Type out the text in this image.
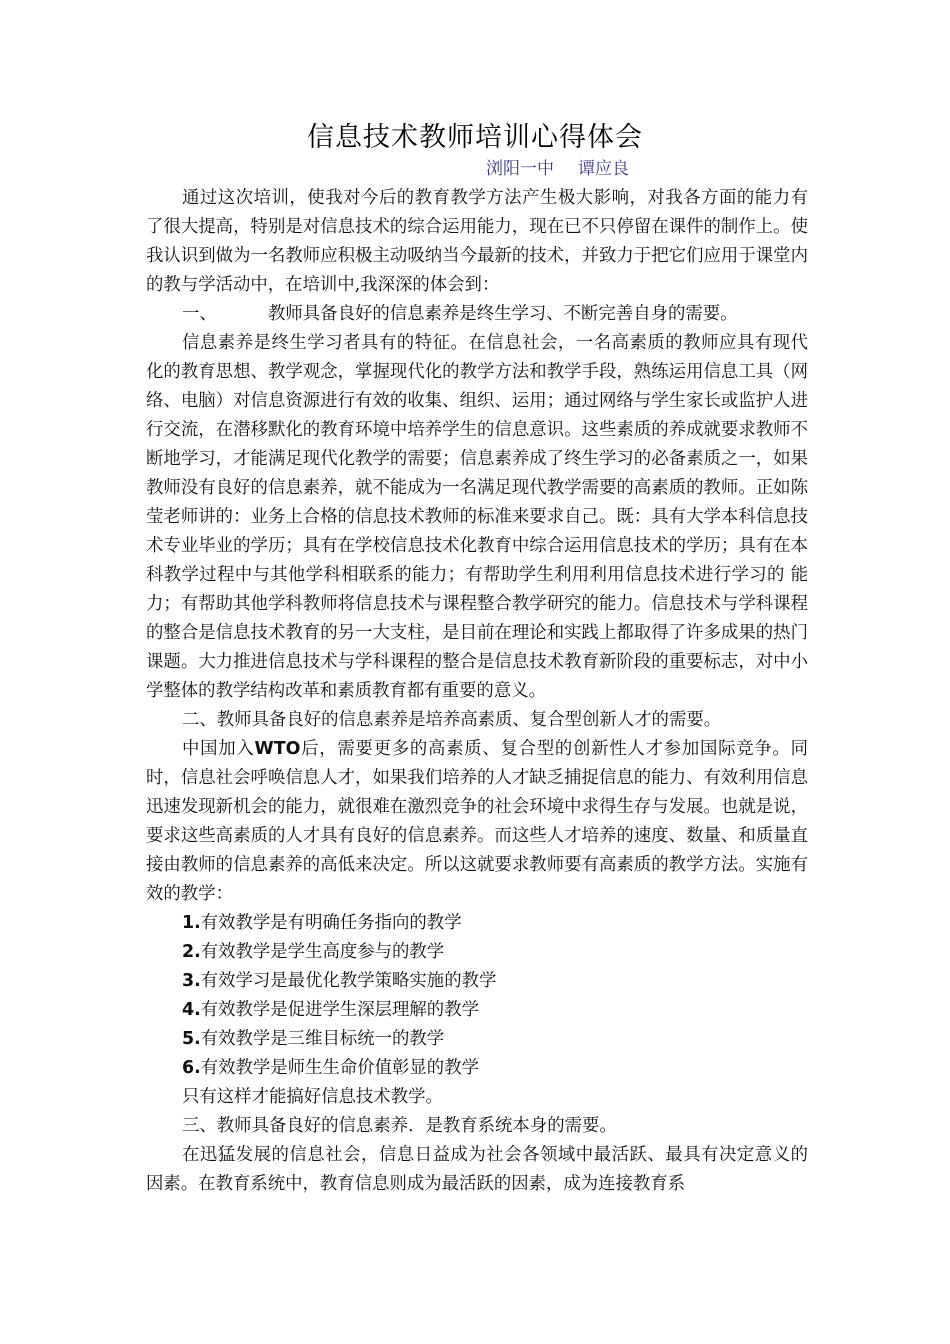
信息技术教师培训心得体会
浏阳一中 谭应良

通过这次培训，使我对今后的教育教学方法产生极大影响，对我各方面的能力有了很大提高，特别是对信息技术的综合运用能力，现在已不只停留在课件的制作上。使我认识到做为一名教师应积极主动吸纳当今最新的技术，并致力于把它们应用于课堂内的教与学活动中，在培训中,我深深的体会到：

一、	教师具备良好的信息素养是终生学习、不断完善自身的需要。

信息素养是终生学习者具有的特征。在信息社会，一名高素质的教师应具有现代化的教育思想、教学观念，掌握现代化的教学方法和教学手段，熟练运用信息工具（网络、电脑）对信息资源进行有效的收集、组织、运用；通过网络与学生家长或监护人进行交流，在潜移默化的教育环境中培养学生的信息意识。这些素质的养成就要求教师不断地学习，才能满足现代化教学的需要；信息素养成了终生学习的必备素质之一，如果教师没有良好的信息素养，就不能成为一名满足现代教学需要的高素质的教师。正如陈莹老师讲的：业务上合格的信息技术教师的标准来要求自己。既：具有大学本科信息技术专业毕业的学历；具有在学校信息技术化教育中综合运用信息技术的学历；具有在本科教学过程中与其他学科相联系的能力；有帮助学生利用利用信息技术进行学习的 能力；有帮助其他学科教师将信息技术与课程整合教学研究的能力。信息技术与学科课程的整合是信息技术教育的另一大支柱，是目前在理论和实践上都取得了许多成果的热门课题。大力推进信息技术与学科课程的整合是信息技术教育新阶段的重要标志，对中小学整体的教学结构改革和素质教育都有重要的意义。

二、教师具备良好的信息素养是培养高素质、复合型创新人才的需要。

中国加入WTO后，需要更多的高素质、复合型的创新性人才参加国际竞争。同时，信息社会呼唤信息人才，如果我们培养的人才缺乏捕捉信息的能力、有效利用信息迅速发现新机会的能力，就很难在激烈竞争的社会环境中求得生存与发展。也就是说，要求这些高素质的人才具有良好的信息素养。而这些人才培养的速度、数量、和质量直接由教师的信息素养的高低来决定。所以这就要求教师要有高素质的教学方法。实施有效的教学：

1.有效教学是有明确任务指向的教学

2.有效教学是学生高度参与的教学

3.有效学习是最优化教学策略实施的教学

4.有效教学是促进学生深层理解的教学

5.有效教学是三维目标统一的教学

6.有效教学是师生生命价值彰显的教学

只有这样才能搞好信息技术教学。

三、教师具备良好的信息素养．是教育系统本身的需要。

在迅猛发展的信息社会，信息日益成为社会各领域中最活跃、最具有决定意义的因素。在教育系统中，教育信息则成为最活跃的因素，成为连接教育系
